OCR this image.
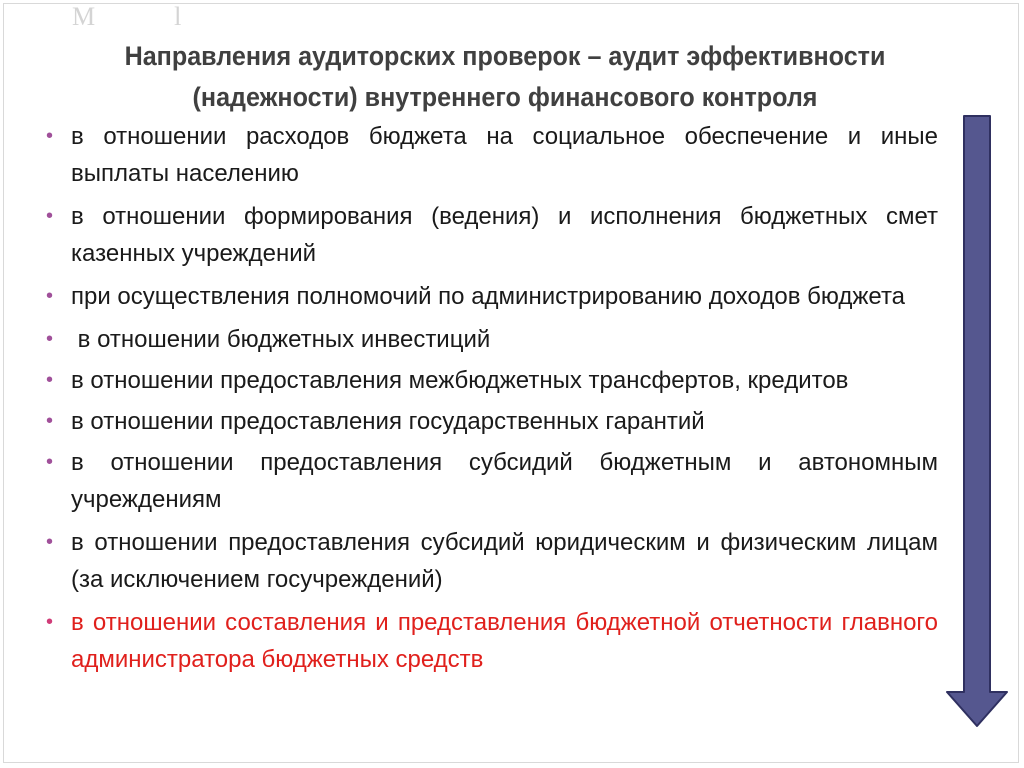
М  l
Направления аудиторских проверок – аудит эффективности
(надежности) внутреннего финансового контроля
• в отношении расходов бюджета на социальное обеспечение и иные выплаты населению
• в отношении формирования (ведения) и исполнения бюджетных смет казенных учреждений
• при осуществления полномочий по администрированию доходов бюджета
• в отношении бюджетных инвестиций
• в отношении предоставления межбюджетных трансфертов, кредитов
• в отношении предоставления государственных гарантий
• в отношении предоставления субсидий бюджетным и автономным учреждениям
• в отношении предоставления субсидий юридическим и физическим лицам (за исключением госучреждений)
• в отношении составления и представления бюджетной отчетности главного администратора бюджетных средств
